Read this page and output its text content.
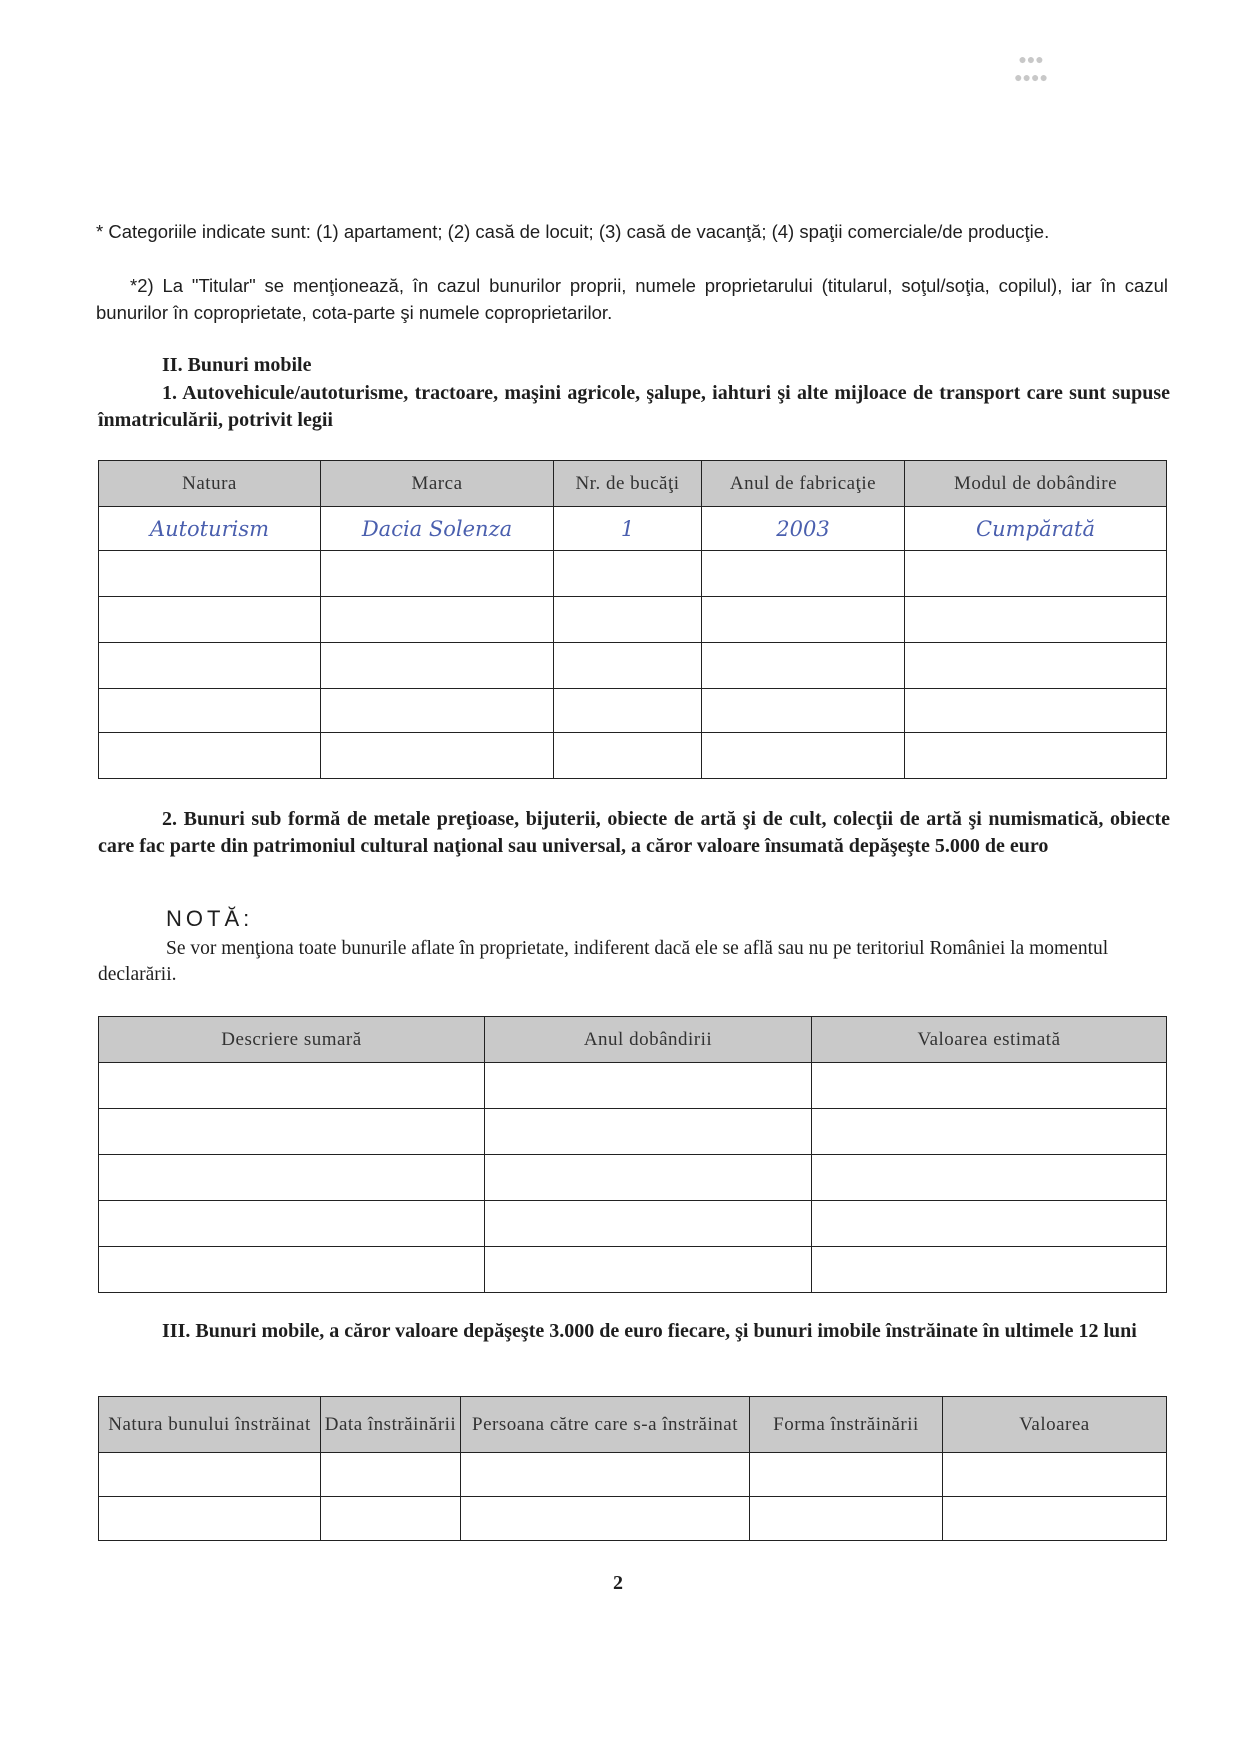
●●●
●●●●

* Categoriile indicate sunt: (1) apartament; (2) casă de locuit; (3) casă de vacanţă; (4) spaţii comerciale/de producţie.

*2) La "Titular" se menţionează, în cazul bunurilor proprii, numele proprietarului (titularul, soţul/soţia, copilul), iar în cazul bunurilor în coproprietate, cota-parte şi numele coproprietarilor.

II. Bunuri mobile

1. Autovehicule/autoturisme, tractoare, maşini agricole, şalupe, iahturi şi alte mijloace de transport care sunt supuse înmatriculării, potrivit legii

Natura	Marca	Nr. de bucăţi	Anul de fabricaţie	Modul de dobândire
Autoturism	Dacia Solenza	1	2003	Cumpărată

2. Bunuri sub formă de metale preţioase, bijuterii, obiecte de artă şi de cult, colecţii de artă şi numismatică, obiecte care fac parte din patrimoniul cultural naţional sau universal, a căror valoare însumată depăşeşte 5.000 de euro

NOTĂ:

Se vor menţiona toate bunurile aflate în proprietate, indiferent dacă ele se află sau nu pe teritoriul României la momentul declarării.

Descriere sumară	Anul dobândirii	Valoarea estimată

III. Bunuri mobile, a căror valoare depăşeşte 3.000 de euro fiecare, şi bunuri imobile înstrăinate în ultimele 12 luni

Natura bunului înstrăinat	Data înstrăinării	Persoana către care s-a înstrăinat	Forma înstrăinării	Valoarea

2
